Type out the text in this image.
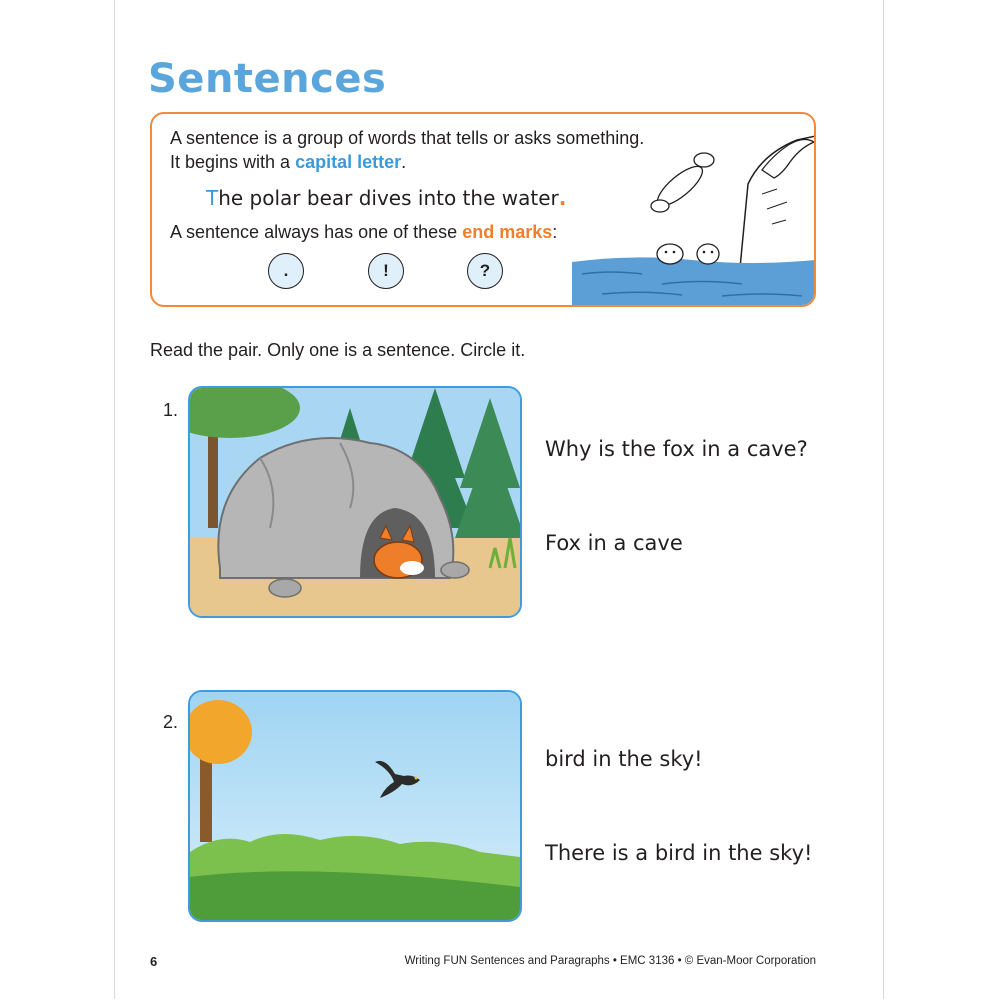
Sentences
A sentence is a group of words that tells or asks something.
It begins with a capital letter.
The polar bear dives into the water.
A sentence always has one of these end marks:
.	!	?
Read the pair. Only one is a sentence. Circle it.
1.
Why is the fox in a cave?
Fox in a cave
2.
bird in the sky!
There is a bird in the sky!
6	Writing FUN Sentences and Paragraphs • EMC 3136 • © Evan-Moor Corporation
